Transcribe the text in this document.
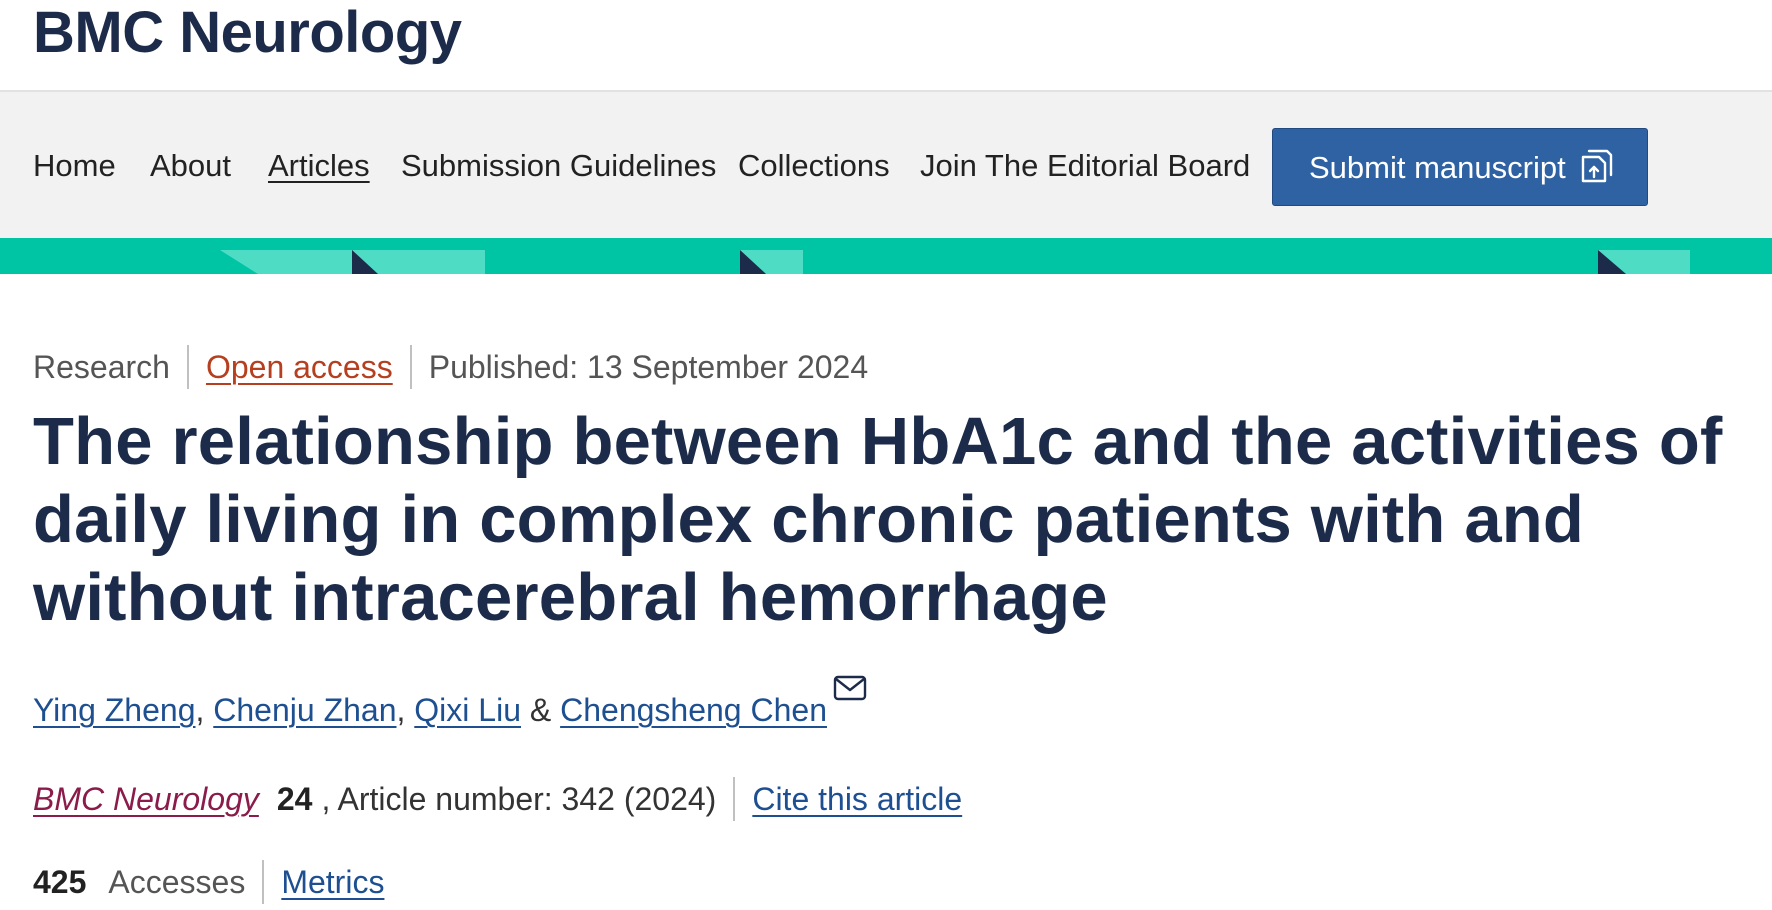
BMC Neurology
Home About Articles Submission Guidelines Collections Join The Editorial Board	Submit manuscript
Research Open access Published: 13 September 2024
The relationship between HbA1c and the activities of daily living in complex chronic patients with and without intracerebral hemorrhage
Ying Zheng, Chenju Zhan, Qixi Liu & Chengsheng Chen
BMC Neurology 24 , Article number: 342 (2024) Cite this article
425 Accesses Metrics
